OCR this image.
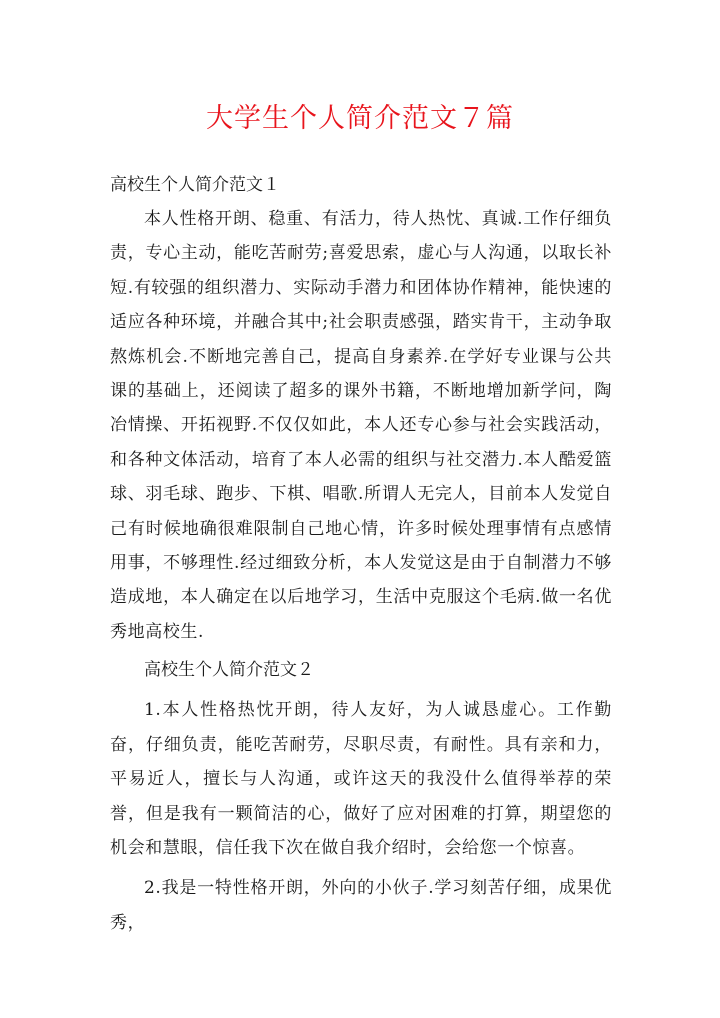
大学生个人简介范文７篇

高校生个人简介范文１

本人性格开朗、稳重、有活力，待人热忱、真诚.工作仔细负责，专心主动，能吃苦耐劳;喜爱思索，虚心与人沟通，以取长补短.有较强的组织潜力、实际动手潜力和团体协作精神，能快速的适应各种环境，并融合其中;社会职责感强，踏实肯干，主动争取熬炼机会.不断地完善自己，提高自身素养.在学好专业课与公共课的基础上，还阅读了超多的课外书籍，不断地增加新学问，陶冶情操、开拓视野.不仅仅如此，本人还专心参与社会实践活动，和各种文体活动，培育了本人必需的组织与社交潜力.本人酷爱篮球、羽毛球、跑步、下棋、唱歌.所谓人无完人，目前本人发觉自己有时候地确很难限制自己地心情，许多时候处理事情有点感情用事，不够理性.经过细致分析，本人发觉这是由于自制潜力不够造成地，本人确定在以后地学习，生活中克服这个毛病.做一名优秀地高校生.

高校生个人简介范文２

1.本人性格热忱开朗，待人友好，为人诚恳虚心。工作勤奋，仔细负责，能吃苦耐劳，尽职尽责，有耐性。具有亲和力，平易近人，擅长与人沟通，或许这天的我没什么值得举荐的荣誉，但是我有一颗简洁的心，做好了应对困难的打算，期望您的机会和慧眼，信任我下次在做自我介绍时，会给您一个惊喜。

2.我是一特性格开朗，外向的小伙子.学习刻苦仔细，成果优秀，
